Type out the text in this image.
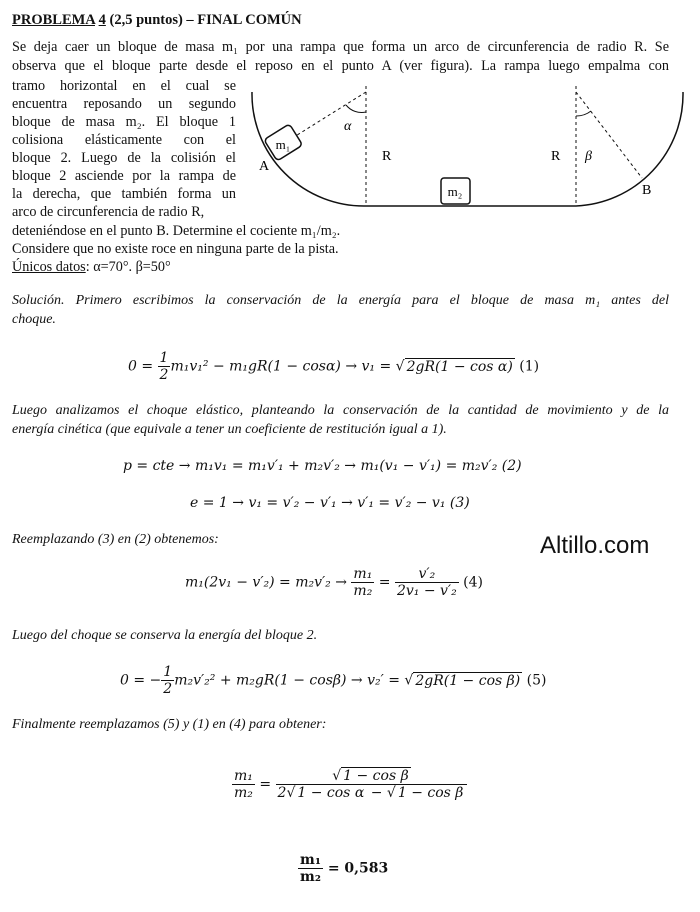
PROBLEMA 4 (2,5 puntos) – FINAL COMÚN
Se deja caer un bloque de masa m₁ por una rampa que forma un arco de circunferencia de radio R. Se
observa que el bloque parte desde el reposo en el punto A (ver figura). La rampa luego empalma con
tramo horizontal en el cual se
encuentra reposando un segundo
bloque de masa m₂. El bloque 1
colisiona elásticamente con el
bloque 2. Luego de la colisión el
bloque 2 asciende por la rampa de
la derecha, que también forma un
arco de circunferencia de radio R,
deteniéndose en el punto B. Determine el cociente m₁/m₂.
Considere que no existe roce en ninguna parte de la pista.
Únicos datos: α=70°. β=50°
m₁
m₂
A
B
R	R
α
β
Solución. Primero escribimos la conservación de la energía para el bloque de masa m₁ antes del
choque.
$0 = \frac{1}{2} m_1v_1^2 - m_1gR(1 - \cos\alpha) \to v_1$ = √ 2gR(1 − cos α) (1)
Luego analizamos el choque elástico, planteando la conservación de la cantidad de movimiento y de la
energía cinética (que equivale a tener un coeficiente de restitución igual a 1).
p = cte → m₁v₁ = m₁v′₁ + m₂v′₂ → m₁(v₁ − v′₁) = m₂v′₂ (2)
e = 1 → v₁ = v′₂ − v′₁ → v′₁ = v′₂ − v₁ (3)
Reemplazando (3) en (2) obtenemos:	Altillo.com
$m_1(2v_1 - v'_2) = m_2v'_2 \to \frac{\text{m₁}}{\text{m₂}} = \frac{\text{v′₂}}{\text{2v₁ − v′₂}} (4)$
Luego del choque se conserva la energía del bloque 2.
0 = − $\frac{1}{2} m_2v'_2^2 + m_2gR(1 - \cos\beta) \to v_2'$ = √ 2gR(1 − cos β) (5)
Finalmente reemplazamos (5) y (1) en (4) para obtener:
$\frac{\text{m₁}}{\text{m₂}} = \frac{\text{√ 1 − cos β}}{\text{2√ 1 − cos α − √ 1 − cos β}}$
$\frac{\text{m₁}}{\text{m₂}} = 0,583$
